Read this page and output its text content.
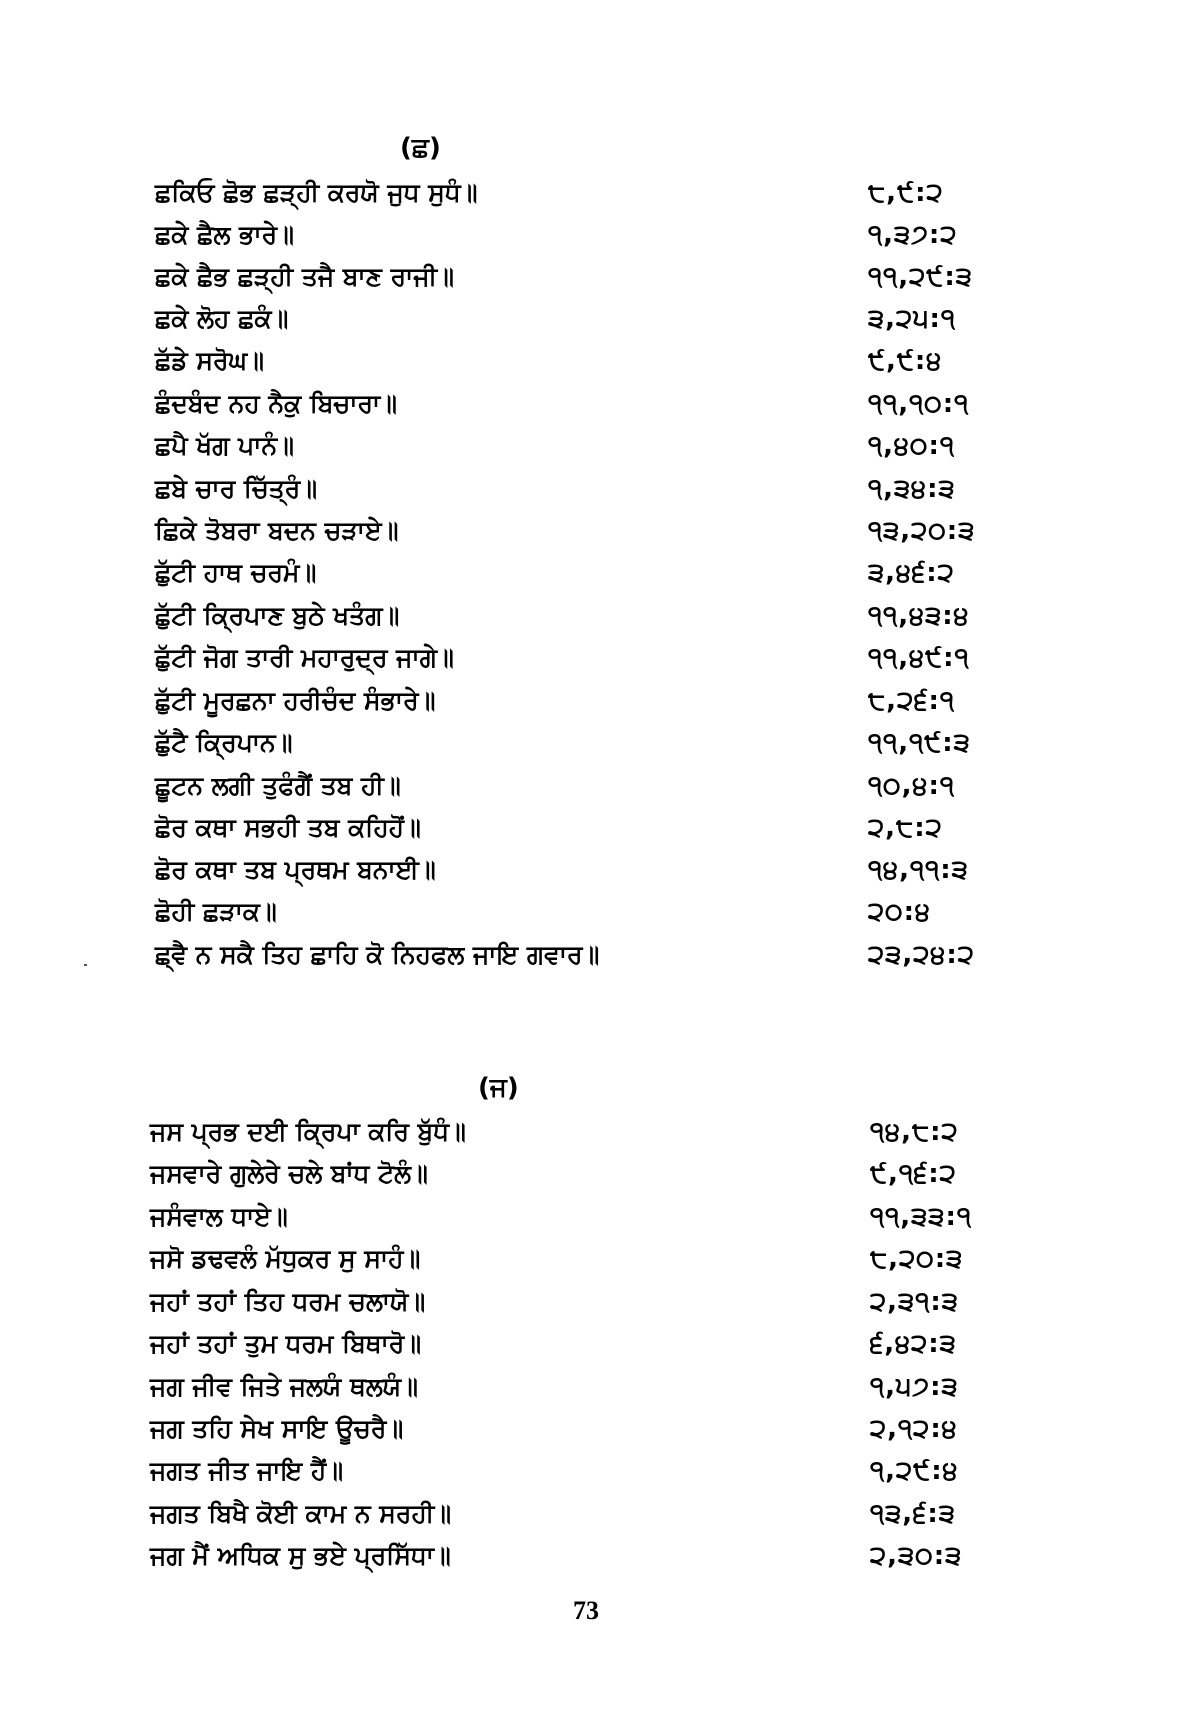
(ਛ)
ਛਕਿਓ ਛੋਭ ਛੜ੍ਹੀ ਕਰਯੋ ਜੁਧ ਸੁਧੰ॥	੮,੯:੨
ਛਕੇ ਛੈਲ ਭਾਰੇ॥	੧,੩੭:੨
ਛਕੇ ਛੈਭ ਛੜ੍ਹੀ ਤਜੈ ਬਾਣ ਰਾਜੀ॥	੧੧,੨੯:੩
ਛਕੇ ਲੋਹ ਛਕੰ॥	੩,੨੫:੧
ਛੱਡੇ ਸਰੋਘ॥	੯,੯:੪
ਛੰਦਬੰਦ ਨਹ ਨੈਕੁ ਬਿਚਾਰਾ॥	੧੧,੧੦:੧
ਛਪੈ ਖੱਗ ਪਾਨੰ॥	੧,੪੦:੧
ਛਬੇ ਚਾਰ ਚਿੱਤ੍ਰੰ॥	੧,੩੪:੩
ਛਿਕੇ ਤੋਬਰਾ ਬਦਨ ਚੜਾਏ॥	੧੩,੨੦:੩
ਛੁੱਟੀ ਹਾਥ ਚਰਮੰ॥	੩,੪੬:੨
ਛੁੱਟੀ ਕ੍ਰਿਪਾਣ ਬੁਠੇ ਖਤੰਗ॥	੧੧,੪੩:੪
ਛੁੱਟੀ ਜੋਗ ਤਾਰੀ ਮਹਾਰੁਦ੍ਰ ਜਾਗੇ॥	੧੧,੪੯:੧
ਛੁੱਟੀ ਮੂਰਛਨਾ ਹਰੀਚੰਦ ਸੰਭਾਰੇ॥	੮,੨੬:੧
ਛੁੱਟੈ ਕ੍ਰਿਪਾਨ॥	੧੧,੧੯:੩
ਛੂਟਨ ਲਗੀ ਤੁਫੰਗੈਂ ਤਬ ਹੀ॥	੧੦,੪:੧
ਛੋਰ ਕਥਾ ਸਭਹੀ ਤਬ ਕਹਿਹੋਂ॥	੨,੮:੨
ਛੋਰ ਕਥਾ ਤਬ ਪ੍ਰਥਮ ਬਨਾਈ॥	੧੪,੧੧:੩
ਛੋਹੀ ਛੜਾਕ॥	੨੦:੪
ਛ੍ਵੈ ਨ ਸਕੈ ਤਿਹ ਛਾਹਿ ਕੋ ਨਿਹਫਲ ਜਾਇ ਗਵਾਰ॥	੨੩,੨੪:੨
(ਜ)
ਜਸ ਪ੍ਰਭ ਦਈ ਕ੍ਰਿਪਾ ਕਰਿ ਬੁੱਧੰ॥	੧੪,੮:੨
ਜਸਵਾਰੇ ਗੁਲੇਰੇ ਚਲੇ ਬਾਂਧ ਟੋਲੰ॥	੯,੧੬:੨
ਜਸੰਵਾਲ ਧਾਏ॥	੧੧,੩੩:੧
ਜਸੋ ਡਢਵਲੰ ਮੱਧੁਕਰ ਸੁ ਸਾਹੰ॥	੮,੨੦:੩
ਜਹਾਂ ਤਹਾਂ ਤਿਹ ਧਰਮ ਚਲਾਯੋ॥	੨,੩੧:੩
ਜਹਾਂ ਤਹਾਂ ਤੁਮ ਧਰਮ ਬਿਥਾਰੋ॥	੬,੪੨:੩
ਜਗ ਜੀਵ ਜਿਤੇ ਜਲਯੰ ਥਲਯੰ॥	੧,੫੭:੩
ਜਗ ਤਹਿ ਸੇਖ ਸਾਇ ਊਚਰੈ॥	੨,੧੨:੪
ਜਗਤ ਜੀਤ ਜਾਇ ਹੈਂ॥	੧,੨੯:੪
ਜਗਤ ਬਿਖੈ ਕੋਈ ਕਾਮ ਨ ਸਰਹੀ॥	੧੩,੬:੩
ਜਗ ਮੈਂ ਅਧਿਕ ਸੁ ਭਏ ਪ੍ਰਸਿੱਧਾ॥	੨,੩੦:੩
73
